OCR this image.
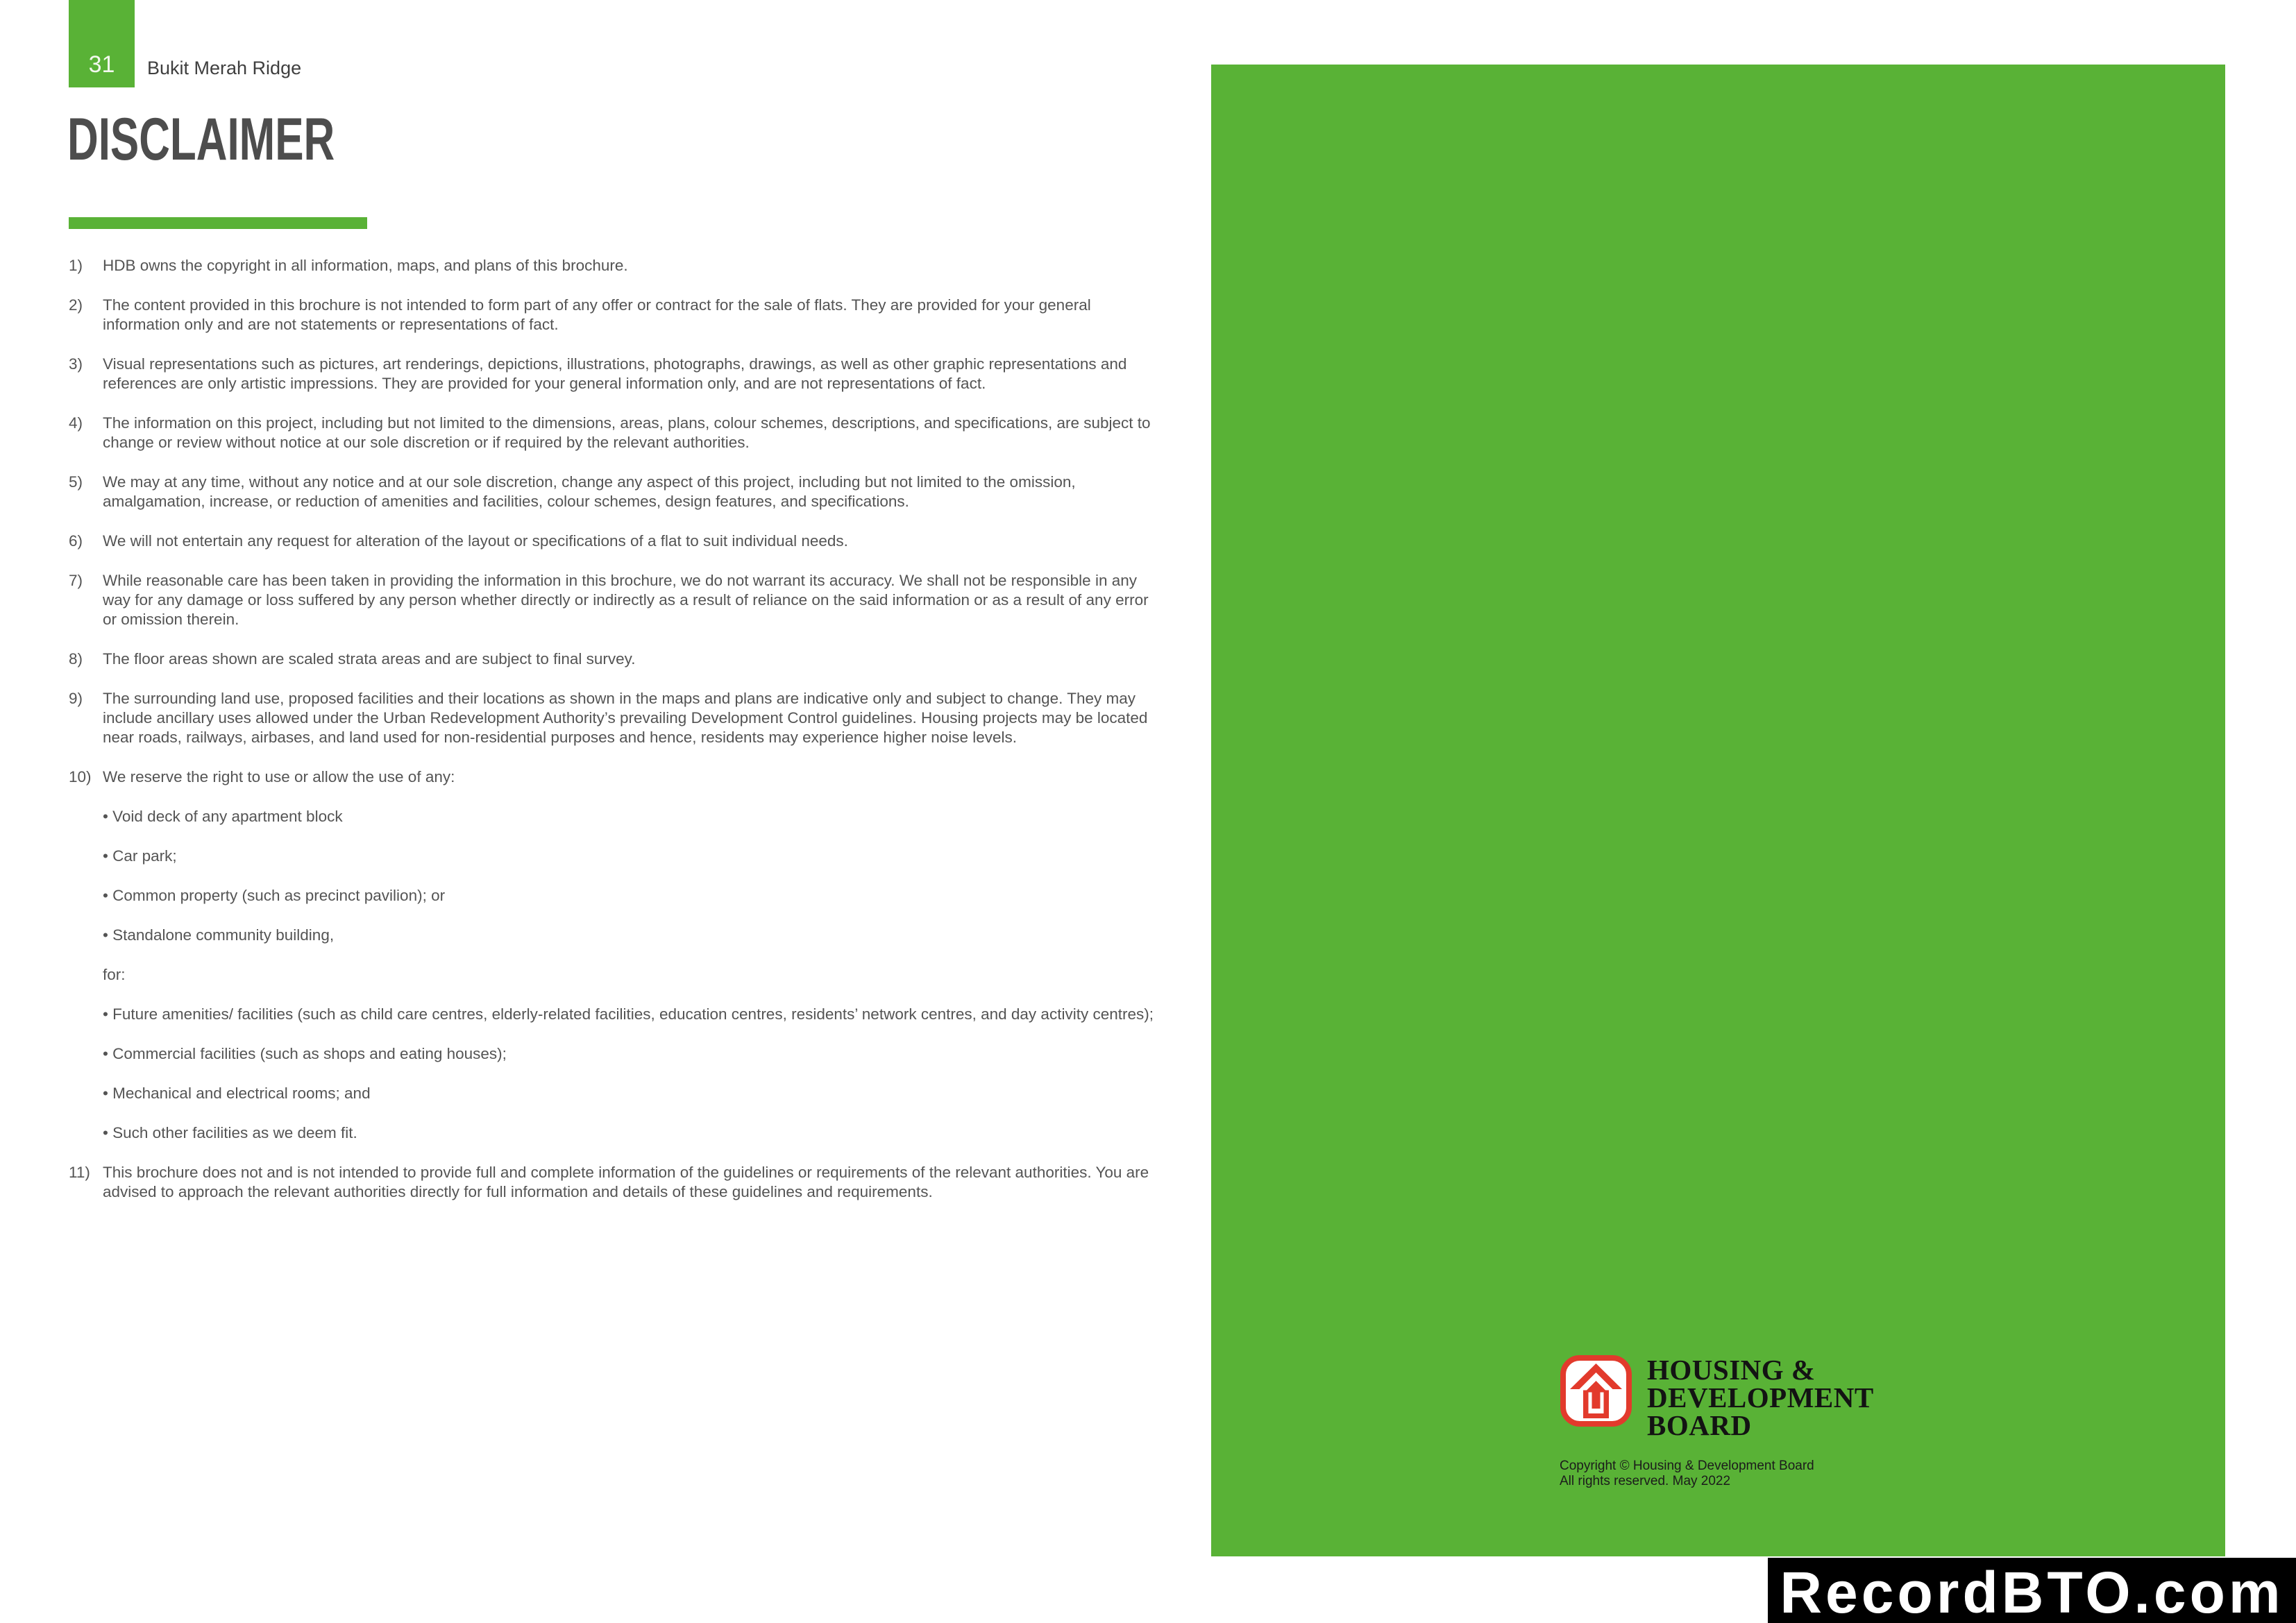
31 Bukit Merah Ridge
DISCLAIMER
1)	HDB owns the copyright in all information, maps, and plans of this brochure.
2)	The content provided in this brochure is not intended to form part of any offer or contract for the sale of flats. They are provided for your general information only and are not statements or representations of fact.
3)	Visual representations such as pictures, art renderings, depictions, illustrations, photographs, drawings, as well as other graphic representations and references are only artistic impressions. They are provided for your general information only, and are not representations of fact.
4)	The information on this project, including but not limited to the dimensions, areas, plans, colour schemes, descriptions, and specifications, are subject to change or review without notice at our sole discretion or if required by the relevant authorities.
5)	We may at any time, without any notice and at our sole discretion, change any aspect of this project, including but not limited to the omission, amalgamation, increase, or reduction of amenities and facilities, colour schemes, design features, and specifications.
6)	We will not entertain any request for alteration of the layout or specifications of a flat to suit individual needs.
7)	While reasonable care has been taken in providing the information in this brochure, we do not warrant its accuracy. We shall not be responsible in any way for any damage or loss suffered by any person whether directly or indirectly as a result of reliance on the said information or as a result of any error or omission therein.
8)	The floor areas shown are scaled strata areas and are subject to final survey.
9)	The surrounding land use, proposed facilities and their locations as shown in the maps and plans are indicative only and subject to change. They may include ancillary uses allowed under the Urban Redevelopment Authority’s prevailing Development Control guidelines. Housing projects may be located near roads, railways, airbases, and land used for non-residential purposes and hence, residents may experience higher noise levels.
10) We reserve the right to use or allow the use of any:
• Void deck of any apartment block
• Car park;
• Common property (such as precinct pavilion); or
• Standalone community building,
for:
• Future amenities/ facilities (such as child care centres, elderly-related facilities, education centres, residents’ network centres, and day activity centres);
• Commercial facilities (such as shops and eating houses);
• Mechanical and electrical rooms; and
• Such other facilities as we deem fit.
11) This brochure does not and is not intended to provide full and complete information of the guidelines or requirements of the relevant authorities. You are advised to approach the relevant authorities directly for full information and details of these guidelines and requirements.
HOUSING &
DEVELOPMENT
BOARD
Copyright © Housing & Development Board
All rights reserved. May 2022
RecordBTO.com
